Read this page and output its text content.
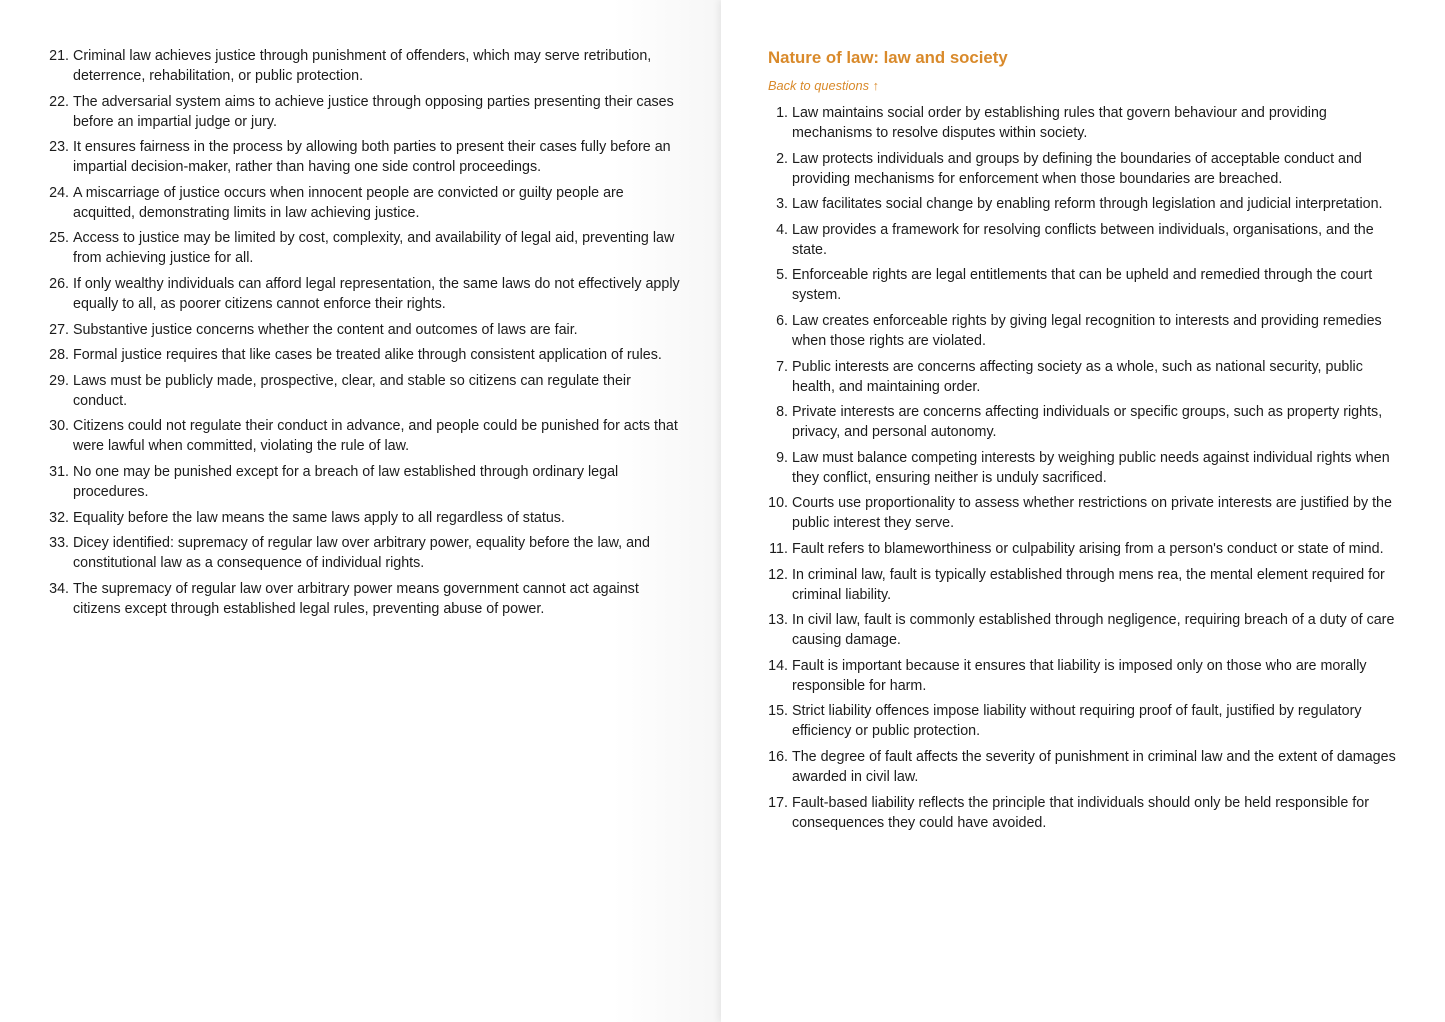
21. Criminal law achieves justice through punishment of offenders, which may serve retribution, deterrence, rehabilitation, or public protection.
22. The adversarial system aims to achieve justice through opposing parties presenting their cases before an impartial judge or jury.
23. It ensures fairness in the process by allowing both parties to present their cases fully before an impartial decision-maker, rather than having one side control proceedings.
24. A miscarriage of justice occurs when innocent people are convicted or guilty people are acquitted, demonstrating limits in law achieving justice.
25. Access to justice may be limited by cost, complexity, and availability of legal aid, preventing law from achieving justice for all.
26. If only wealthy individuals can afford legal representation, the same laws do not effectively apply equally to all, as poorer citizens cannot enforce their rights.
27. Substantive justice concerns whether the content and outcomes of laws are fair.
28. Formal justice requires that like cases be treated alike through consistent application of rules.
29. Laws must be publicly made, prospective, clear, and stable so citizens can regulate their conduct.
30. Citizens could not regulate their conduct in advance, and people could be punished for acts that were lawful when committed, violating the rule of law.
31. No one may be punished except for a breach of law established through ordinary legal procedures.
32. Equality before the law means the same laws apply to all regardless of status.
33. Dicey identified: supremacy of regular law over arbitrary power, equality before the law, and constitutional law as a consequence of individual rights.
34. The supremacy of regular law over arbitrary power means government cannot act against citizens except through established legal rules, preventing abuse of power.
Nature of law: law and society
Back to questions ↑
1. Law maintains social order by establishing rules that govern behaviour and providing mechanisms to resolve disputes within society.
2. Law protects individuals and groups by defining the boundaries of acceptable conduct and providing mechanisms for enforcement when those boundaries are breached.
3. Law facilitates social change by enabling reform through legislation and judicial interpretation.
4. Law provides a framework for resolving conflicts between individuals, organisations, and the state.
5. Enforceable rights are legal entitlements that can be upheld and remedied through the court system.
6. Law creates enforceable rights by giving legal recognition to interests and providing remedies when those rights are violated.
7. Public interests are concerns affecting society as a whole, such as national security, public health, and maintaining order.
8. Private interests are concerns affecting individuals or specific groups, such as property rights, privacy, and personal autonomy.
9. Law must balance competing interests by weighing public needs against individual rights when they conflict, ensuring neither is unduly sacrificed.
10. Courts use proportionality to assess whether restrictions on private interests are justified by the public interest they serve.
11. Fault refers to blameworthiness or culpability arising from a person's conduct or state of mind.
12. In criminal law, fault is typically established through mens rea, the mental element required for criminal liability.
13. In civil law, fault is commonly established through negligence, requiring breach of a duty of care causing damage.
14. Fault is important because it ensures that liability is imposed only on those who are morally responsible for harm.
15. Strict liability offences impose liability without requiring proof of fault, justified by regulatory efficiency or public protection.
16. The degree of fault affects the severity of punishment in criminal law and the extent of damages awarded in civil law.
17. Fault-based liability reflects the principle that individuals should only be held responsible for consequences they could have avoided.
